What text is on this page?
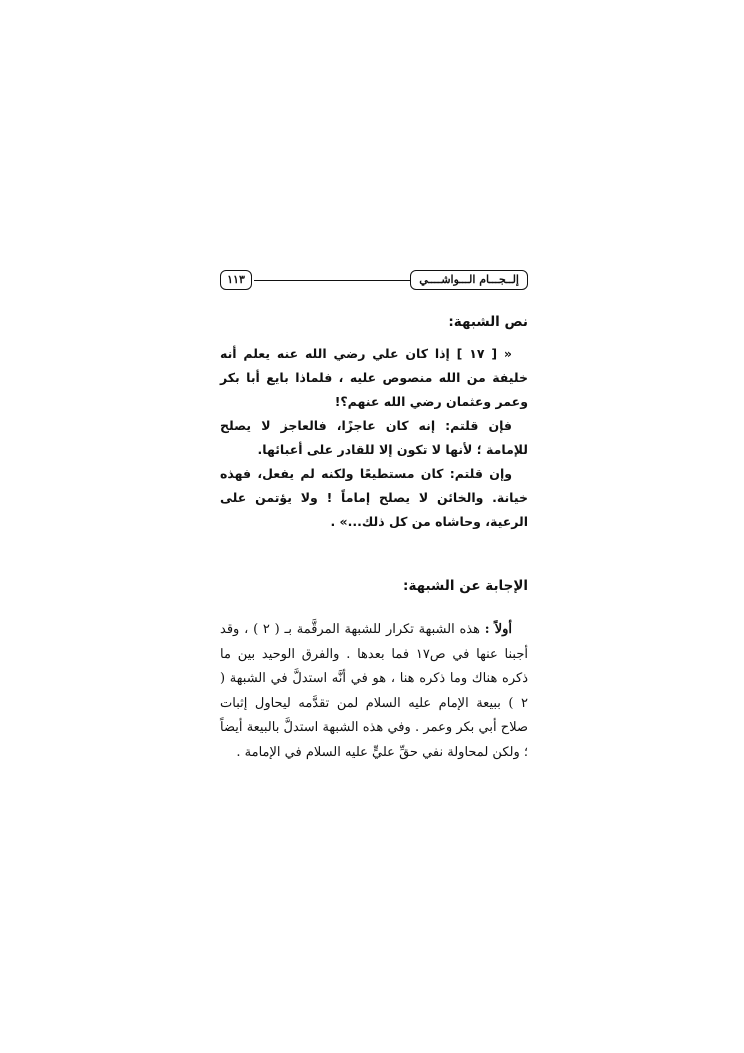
١١٣	إلــجـــام الـــواشــــي
نص الشبهة:

« [ ١٧ ] إذا كان علي رضي الله عنه يعلم أنه خليفة من الله منصوص عليه ، فلماذا بايع أبا بكر وعمر وعثمان رضي الله عنهم؟!

فإن قلتم: إنه كان عاجزًا، فالعاجز لا يصلح للإمامة ؛ لأنها لا تكون إلا للقادر على أعبائها.

وإن قلتم: كان مستطيعًا ولكنه لم يفعل، فهذه خيانة. والخائن لا يصلح إماماً ! ولا يؤتمن على الرعية، وحاشاه من كل ذلك...» .

الإجابة عن الشبهة:

أولاً : هذه الشبهة تكرار للشبهة المرقَّمة بـ ( ٢ ) ، وقد أجبنا عنها في ص١٧ فما بعدها . والفرق الوحيد بين ما ذكره هناك وما ذكره هنا ، هو في أنَّه استدلَّ في الشبهة ( ٢ ) ببيعة الإمام عليه السلام لمن تقدَّمه ليحاول إثبات صلاح أبي بكر وعمر . وفي هذه الشبهة استدلَّ بالبيعة أيضاً ؛ ولكن لمحاولة نفي حقِّ عليٍّ عليه السلام في الإمامة .
